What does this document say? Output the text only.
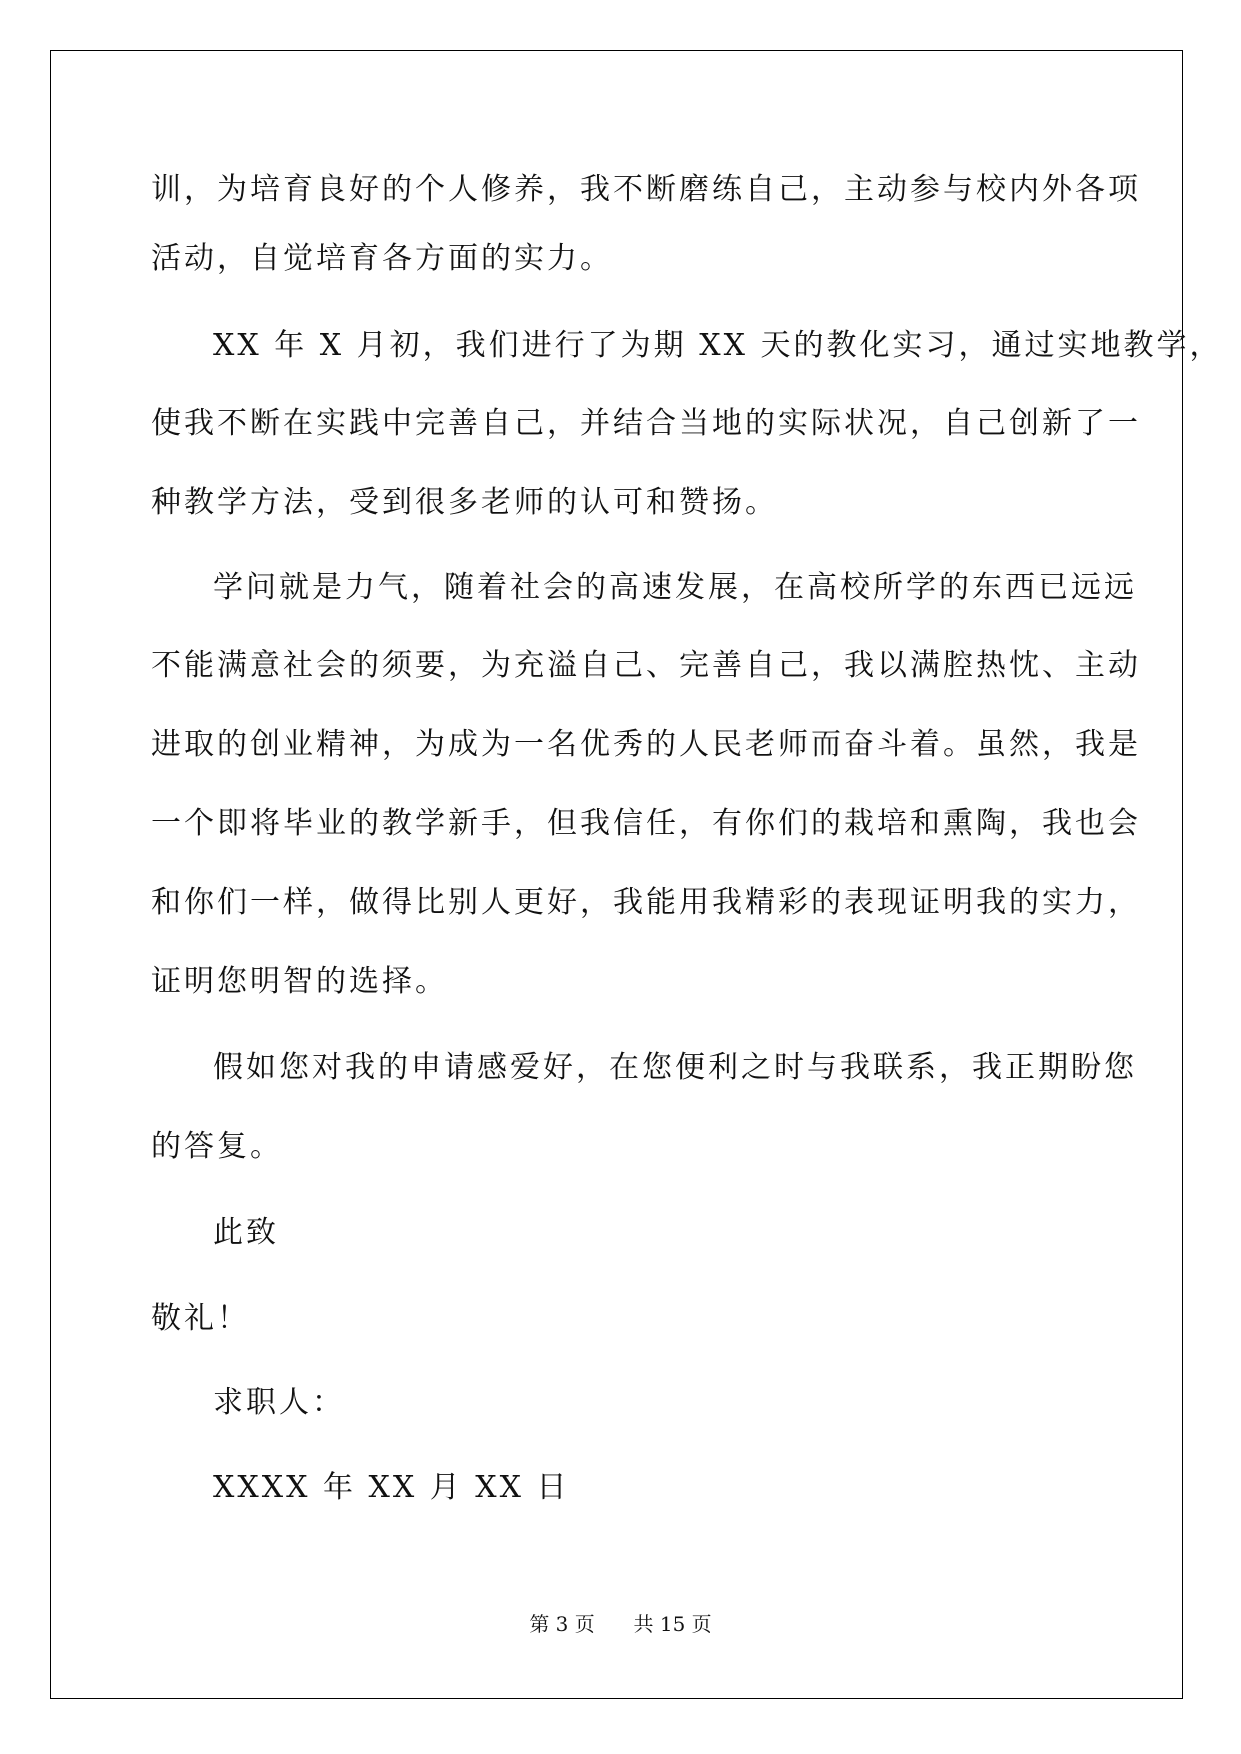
训，为培育良好的个人修养，我不断磨练自己，主动参与校内外各项

活动，自觉培育各方面的实力。

XX 年 X 月初，我们进行了为期 XX 天的教化实习，通过实地教学，

使我不断在实践中完善自己，并结合当地的实际状况，自己创新了一

种教学方法，受到很多老师的认可和赞扬。

学问就是力气，随着社会的高速发展，在高校所学的东西已远远

不能满意社会的须要，为充溢自己、完善自己，我以满腔热忱、主动

进取的创业精神，为成为一名优秀的人民老师而奋斗着。虽然，我是

一个即将毕业的教学新手，但我信任，有你们的栽培和熏陶，我也会

和你们一样，做得比别人更好，我能用我精彩的表现证明我的实力，

证明您明智的选择。

假如您对我的申请感爱好，在您便利之时与我联系，我正期盼您

的答复。

此致

敬礼！

求职人：

XXXX 年 XX 月 XX 日

第 3 页 共 15 页
